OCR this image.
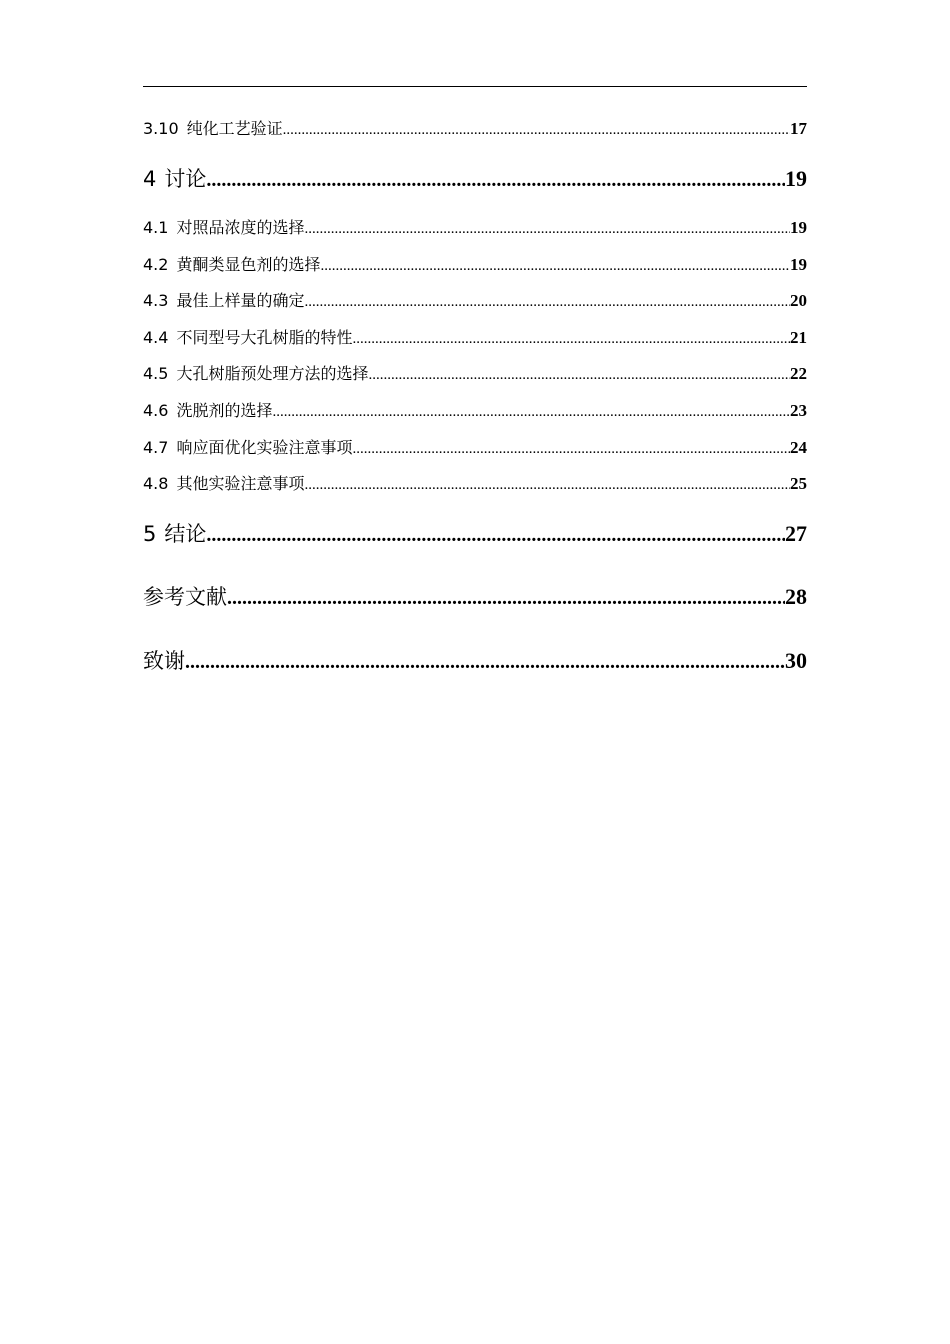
3.10 纯化工艺验证 .....	17
4 讨论 .....	19
4.1 对照品浓度的选择 .....	19
4.2 黄酮类显色剂的选择 .....	19
4.3 最佳上样量的确定 .....	20
4.4 不同型号大孔树脂的特性 .....	21
4.5 大孔树脂预处理方法的选择 .....	22
4.6 洗脱剂的选择 .....	23
4.7 响应面优化实验注意事项 .....	24
4.8 其他实验注意事项 .....	25
5 结论 .....	27
参考文献 .....	28
致谢 .....	30
